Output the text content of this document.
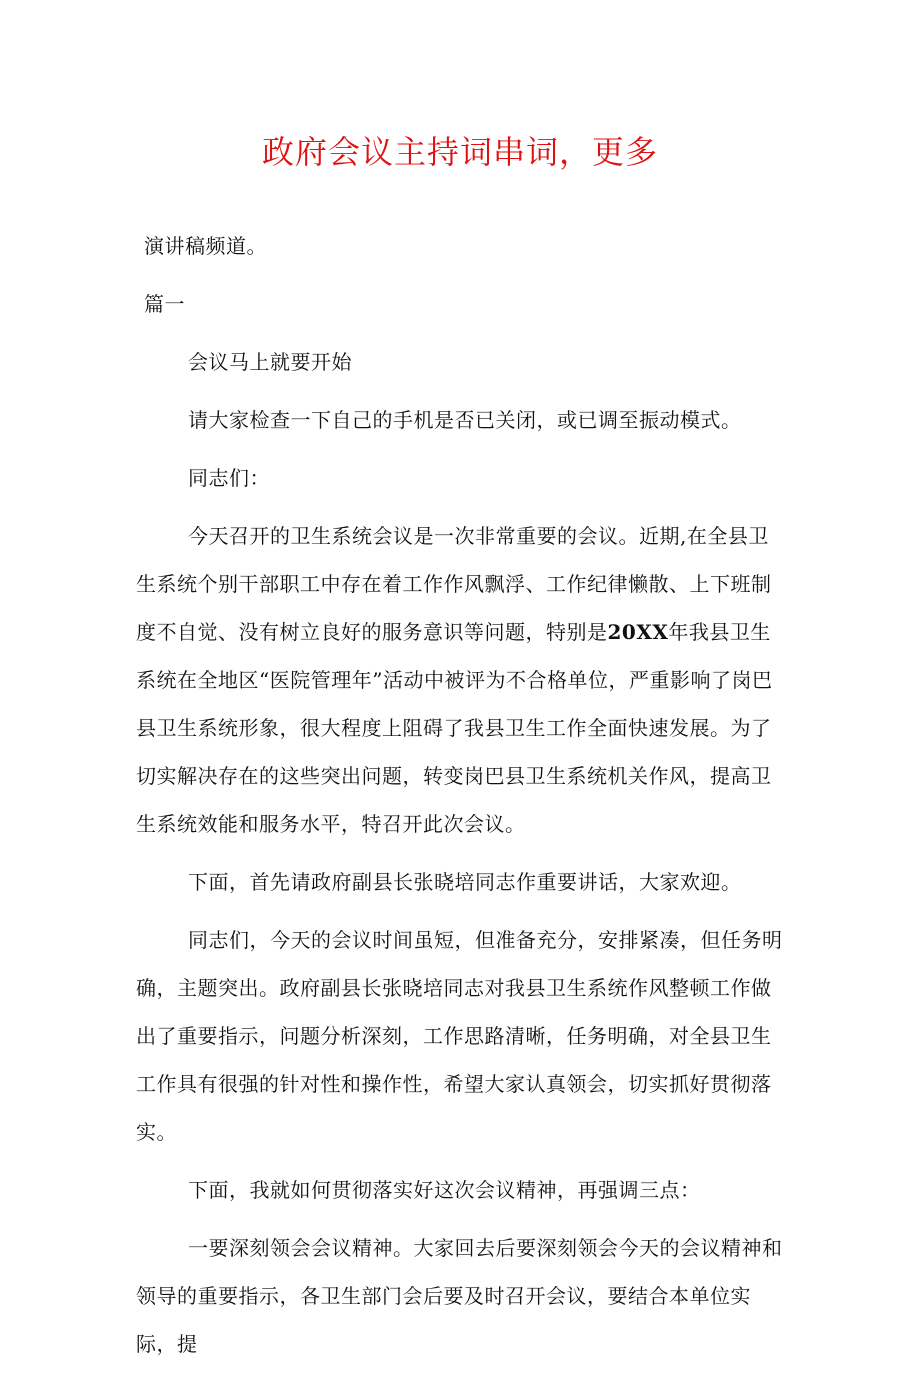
政府会议主持词串词，更多

演讲稿频道。

篇一

会议马上就要开始

请大家检查一下自己的手机是否已关闭，或已调至振动模式。

同志们：

今天召开的卫生系统会议是一次非常重要的会议。近期,在全县卫生系统个别干部职工中存在着工作作风飘浮、工作纪律懒散、上下班制度不自觉、没有树立良好的服务意识等问题，特别是20XX年我县卫生系统在全地区“医院管理年”活动中被评为不合格单位，严重影响了岗巴县卫生系统形象，很大程度上阻碍了我县卫生工作全面快速发展。为了切实解决存在的这些突出问题，转变岗巴县卫生系统机关作风，提高卫生系统效能和服务水平，特召开此次会议。

下面，首先请政府副县长张晓培同志作重要讲话，大家欢迎。

同志们，今天的会议时间虽短，但准备充分，安排紧凑，但任务明确，主题突出。政府副县长张晓培同志对我县卫生系统作风整顿工作做出了重要指示，问题分析深刻，工作思路清晰，任务明确，对全县卫生工作具有很强的针对性和操作性，希望大家认真领会，切实抓好贯彻落实。

下面，我就如何贯彻落实好这次会议精神，再强调三点：

一要深刻领会会议精神。大家回去后要深刻领会今天的会议精神和领导的重要指示，各卫生部门会后要及时召开会议，要结合本单位实际，提
